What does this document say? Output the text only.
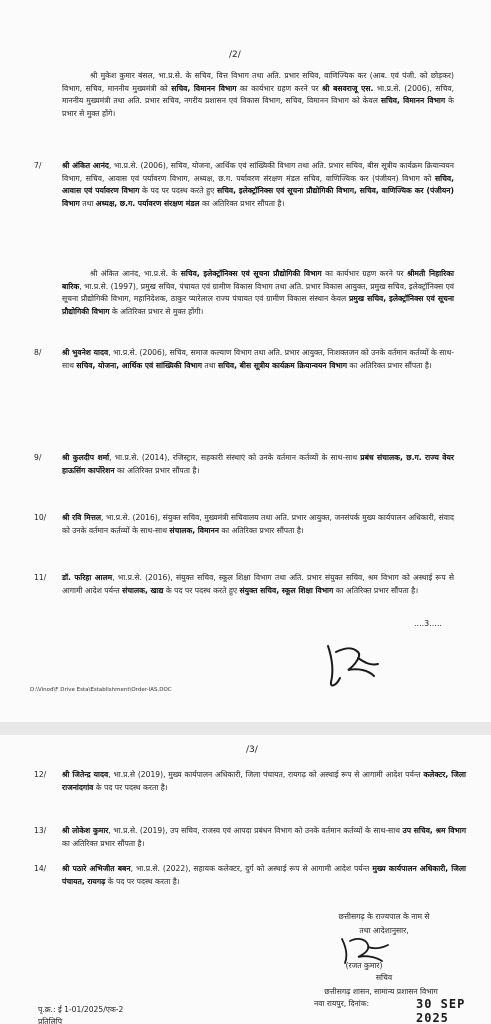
/2/
श्री मुकेश कुमार बंसल, भा.प्र.से. के सचिव, वित्त विभाग तथा अति. प्रभार सचिव, वाणिज्यिक कर (आब. एवं पंजी. को छोड़कर) विभाग, सचिव, माननीय मुख्यमंत्री को सचिव, विमानन विभाग का कार्यभार ग्रहण करने पर श्री बसवराजू एस. भा.प्र.से. (2006), सचिव, माननीय मुख्यमंत्री तथा अति. प्रभार सचिव, नगरीय प्रशासन एवं विकास विभाग, सचिव, विमानन विभाग को केवल सचिव, विमानन विभाग के प्रभार से मुक्त होंगे।
7/	श्री अंकित आनंद, भा.प्र.से. (2006), सचिव, योजना, आर्थिक एवं सांख्यिकी विभाग तथा अति. प्रभार सचिव, बीस सूत्रीय कार्यक्रम क्रियान्वयन विभाग, सचिव, आवास एवं पर्यावरण विभाग, अध्यक्ष, छ.ग. पर्यावरण संरक्षण मंडल सचिव, वाणिज्यिक कर (पंजीयन) विभाग को सचिव, आवास एवं पर्यावरण विभाग के पद पर पदस्थ करते हुए सचिव, इलेक्ट्रॉनिक्स एवं सूचना प्रौद्योगिकी विभाग, सचिव, वाणिज्यिक कर (पंजीयन) विभाग तथा अध्यक्ष, छ.ग. पर्यावरण संरक्षण मंडल का अतिरिक्त प्रभार सौंपता है।
श्री अंकित आनंद, भा.प्र.से. के सचिव, इलेक्ट्रॉनिक्स एवं सूचना प्रौद्योगिकी विभाग का कार्यभार ग्रहण करने पर श्रीमती निहारिका बारिक, भा.प्र.से. (1997), प्रमुख सचिव, पंचायत एवं ग्रामीण विकास विभाग तथा अति. प्रभार विकास आयुक्त, प्रमुख सचिव, इलेक्ट्रॉनिक्स एवं सूचना प्रौद्योगिकी विभाग, महानिदेशक, ठाकुर प्यारेलाल राज्य पंचायत एवं ग्रामीण विकास संस्थान केवल प्रमुख सचिव, इलेक्ट्रॉनिक्स एवं सूचना प्रौद्योगिकी विभाग के अतिरिक्त प्रभार से मुक्त होंगी।
8/	श्री भुवनेश यादव, भा.प्र.से. (2006), सचिव, समाज कल्याण विभाग तथा अति. प्रभार आयुक्त, निःशक्तजन को उनके वर्तमान कर्तव्यों के साथ-साथ सचिव, योजना, आर्थिक एवं सांख्यिकी विभाग तथा सचिव, बीस सूत्रीय कार्यक्रम क्रियान्वयन विभाग का अतिरिक्त प्रभार सौंपता है।
9/	श्री कुलदीप शर्मा, भा.प्र.से. (2014), रजिस्ट्रार, सहकारी संस्थाएं को उनके वर्तमान कर्तव्यों के साथ-साथ प्रबंध संचालक, छ.ग. राज्य वेयर हाऊसिंग कार्पोरेशन का अतिरिक्त प्रभार सौंपता है।
10/ श्री रवि मित्तल, भा.प्र.से. (2016), संयुक्त सचिव, मुख्यमंत्री सचिवालय तथा अति. प्रभार आयुक्त, जनसंपर्क मुख्य कार्यपालन अधिकारी, संवाद को उनके वर्तमान कर्तव्यों के साथ-साथ संचालक, विमानन का अतिरिक्त प्रभार सौंपता है।
11/ डॉ. फरिहा आलम, भा.प्र.से. (2016), संयुक्त सचिव, स्कूल शिक्षा विभाग तथा अति. प्रभार संयुक्त सचिव, श्रम विभाग को अस्थाई रूप से आगामी आदेश पर्यन्त संचालक, खाद्य के पद पर पदस्थ करते हुए संयुक्त सचिव, स्कूल शिक्षा विभाग का अतिरिक्त प्रभार सौंपता है।
....3.....
D:\Vinod\F Drive Esta\Establishment\Order-IAS.DOC
/3/
12/ श्री जितेन्द्र यादव, भा.प्र.से (2019), मुख्य कार्यपालन अधिकारी, जिला पंचायत, रायगढ़ को अस्थाई रूप से आगामी आदेश पर्यन्त कलेक्टर, जिला राजनांदगांव के पद पर पदस्थ करता है।
13/ श्री लोकेश कुमार, भा.प्र.से. (2019), उप सचिव, राजस्व एवं आपदा प्रबंधन विभाग को उनके वर्तमान कर्तव्यों के साथ-साथ उप सचिव, श्रम विभाग का अतिरिक्त प्रभार सौंपता है।
14/ श्री पठारे अभिजीत बबन, भा.प्र.से. (2022), सहायक कलेक्टर, दुर्ग को अस्थाई रूप से आगामी आदेश पर्यन्त मुख्य कार्यपालन अधिकारी, जिला पंचायत, रायगढ़ के पद पर पदस्थ करता है।
छत्तीसगढ़ के राज्यपाल के नाम से
तथा आदेशानुसार,
(रजत कुमार)
सचिव
छत्तीसगढ़ शासन, सामान्य प्रशासन विभाग
नवा रायपुर, दिनांक:	30 SEP 2025
पृ.क्र.: ई 1-01/2025/एक-2
प्रतिलिपि
